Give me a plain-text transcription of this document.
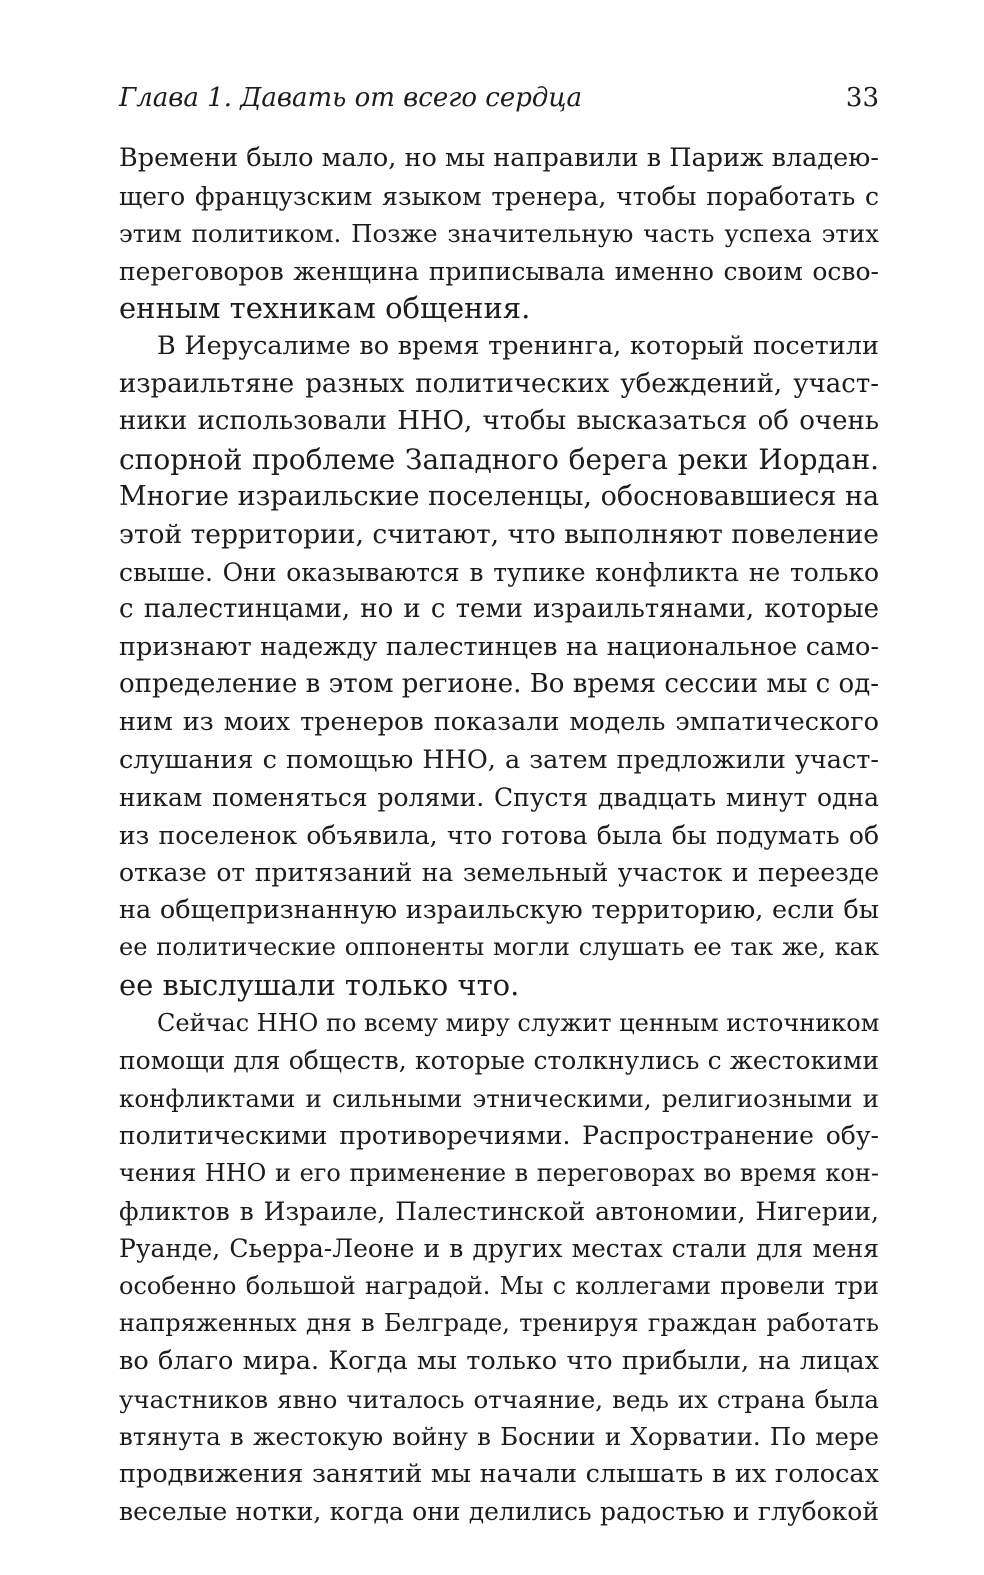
Глава 1. Давать от всего сердца	33
Времени было мало, но мы направили в Париж владею-
щего французским языком тренера, чтобы поработать с
этим политиком. Позже значительную часть успеха этих
переговоров женщина приписывала именно своим осво-
енным техникам общения.
В Иерусалиме во время тренинга, который посетили
израильтяне разных политических убеждений, участ-
ники использовали ННО, чтобы высказаться об очень
спорной проблеме Западного берега реки Иордан.
Многие израильские поселенцы, обосновавшиеся на
этой территории, считают, что выполняют повеление
свыше. Они оказываются в тупике конфликта не только
с палестинцами, но и с теми израильтянами, которые
признают надежду палестинцев на национальное само-
определение в этом регионе. Во время сессии мы с од-
ним из моих тренеров показали модель эмпатического
слушания с помощью ННО, а затем предложили участ-
никам поменяться ролями. Спустя двадцать минут одна
из поселенок объявила, что готова была бы подумать об
отказе от притязаний на земельный участок и переезде
на общепризнанную израильскую территорию, если бы
ее политические оппоненты могли слушать ее так же, как
ее выслушали только что.
Сейчас ННО по всему миру служит ценным источником
помощи для обществ, которые столкнулись с жестокими
конфликтами и сильными этническими, религиозными и
политическими противоречиями. Распространение обу-
чения ННО и его применение в переговорах во время кон-
фликтов в Израиле, Палестинской автономии, Нигерии,
Руанде, Сьерра-Леоне и в других местах стали для меня
особенно большой наградой. Мы с коллегами провели три
напряженных дня в Белграде, тренируя граждан работать
во благо мира. Когда мы только что прибыли, на лицах
участников явно читалось отчаяние, ведь их страна была
втянута в жестокую войну в Боснии и Хорватии. По мере
продвижения занятий мы начали слышать в их голосах
веселые нотки, когда они делились радостью и глубокой
